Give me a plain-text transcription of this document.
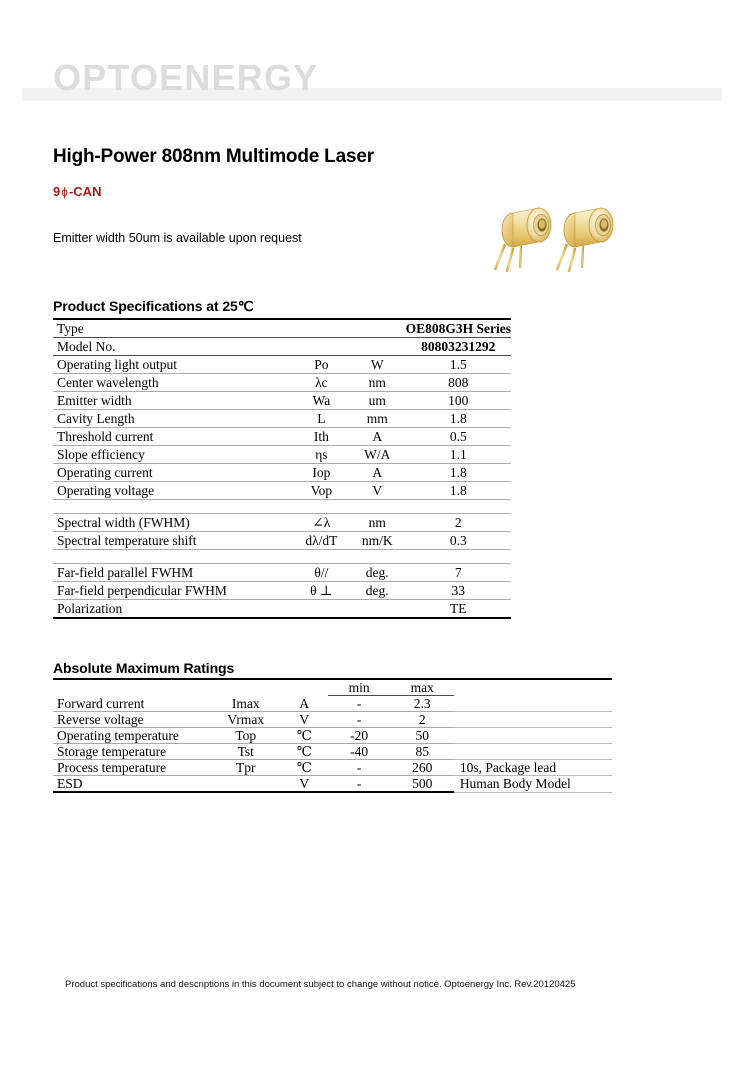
OPTOENERGY
High-Power 808nm Multimode Laser
9ϕ-CAN
Emitter width 50um is available upon request
Product Specifications at 25℃
Type			OE808G3H Series
Model No.			80803231292
Operating light output	Po	W	1.5
Center wavelength	λc	nm	808
Emitter width	Wa	um	100
Cavity Length	L	mm	1.8
Threshold current	Ith	A	0.5
Slope efficiency	ηs	W/A	1.1
Operating current	Iop	A	1.8
Operating voltage	Vop	V	1.8

Spectral width (FWHM)	∠λ	nm	2
Spectral temperature shift	dλ/dT	nm/K	0.3

Far-field parallel FWHM	θ//	deg.	7
Far-field perpendicular FWHM	θ ⊥	deg.	33
Polarization			TE
Absolute Maximum Ratings
			min	max	
Forward current	Imax	A	-	2.3	
Reverse voltage	Vrmax	V	-	2	
Operating temperature	Top	℃	-20	50	
Storage temperature	Tst	℃	-40	85	
Process temperature	Tpr	℃	-	260	10s, Package lead
ESD		V	-	500	Human Body Model
Product specifications and descriptions in this document subject to change without notice. Optoenergy Inc. Rev.20120425
